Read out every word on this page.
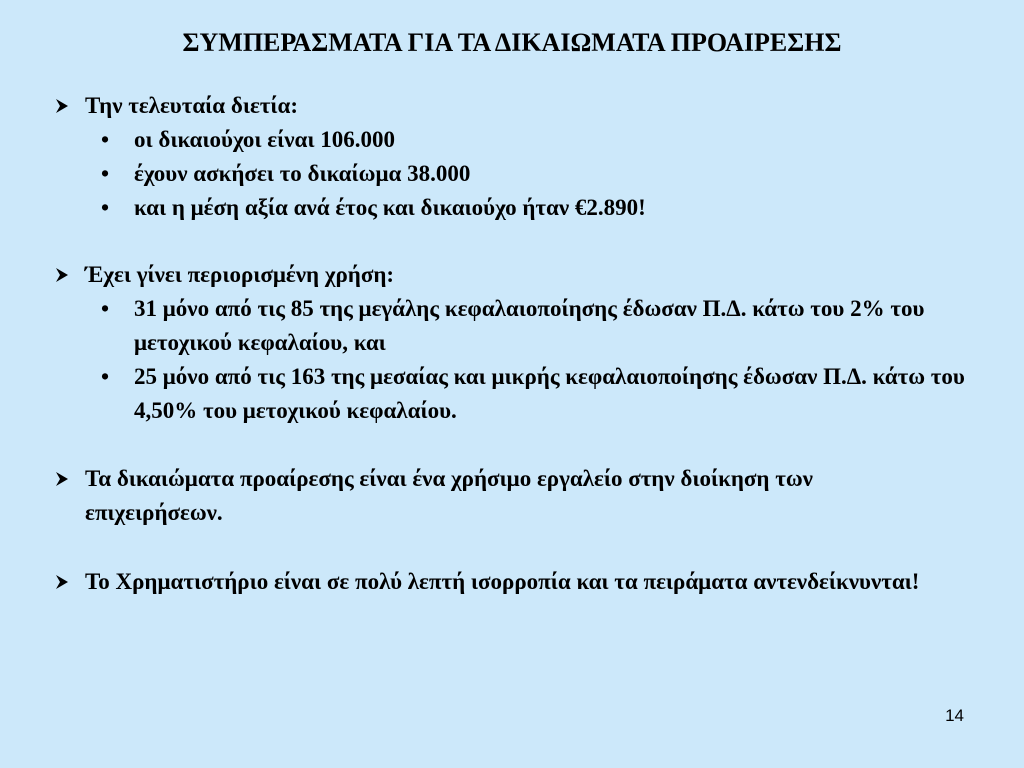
ΣΥΜΠΕΡΑΣΜΑΤΑ ΓΙΑ ΤΑ ΔΙΚΑΙΩΜΑΤΑ ΠΡΟΑΙΡΕΣΗΣ
Την τελευταία διετία:
• οι δικαιούχοι είναι 106.000
• έχουν ασκήσει το δικαίωμα 38.000
• και η μέση αξία ανά έτος και δικαιούχο ήταν €2.890!
Έχει γίνει περιορισμένη χρήση:
• 31 μόνο από τις 85 της μεγάλης κεφαλαιοποίησης έδωσαν Π.Δ. κάτω του 2% του μετοχικού κεφαλαίου, και
• 25 μόνο από τις 163 της μεσαίας και μικρής κεφαλαιοποίησης έδωσαν Π.Δ. κάτω του 4,50% του μετοχικού κεφαλαίου.
Τα δικαιώματα προαίρεσης είναι ένα χρήσιμο εργαλείο στην διοίκηση των επιχειρήσεων.
Το Χρηματιστήριο είναι σε πολύ λεπτή ισορροπία και τα πειράματα αντενδείκνυνται!
14
